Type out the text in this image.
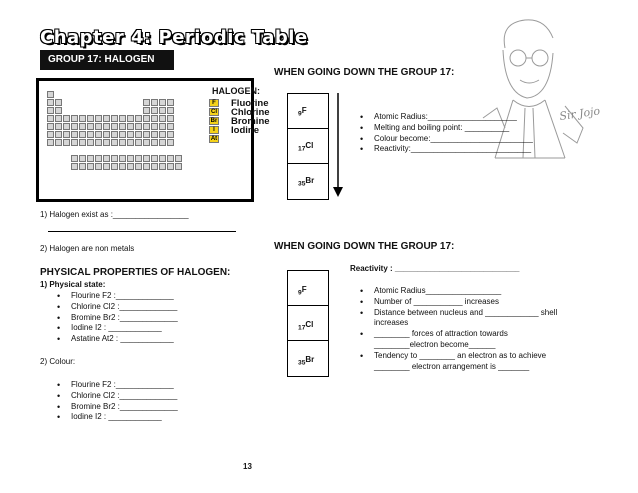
Chapter 4: Periodic Table
GROUP 17: HALOGEN
Sir Jojo
F
Cl
Br
I
At
Fluorine
Chlorine
Bromine
Iodine
HALOGEN:
1) Halogen exist as :_________________
2) Halogen are non metals
PHYSICAL PROPERTIES OF HALOGEN:
1) Physical state:
• Flourine F2 :_____________
• Chlorine Cl2 :_____________
• Bromine Br2 :_____________
• Iodine I2 : ____________
• Astatine At2 : ____________
2) Colour:
• Flourine F2 :_____________
• Chlorine Cl2 :_____________
• Bromine Br2 :_____________
• Iodine I2 : ____________
WHEN GOING DOWN THE GROUP 17:
$_9$F
$_{17}$Cl
$_{35}$Br
• Atomic Radius:____________________
• Melting and boiling point: __________
• Colour become:_______________________
• Reactivity:___________________________
WHEN GOING DOWN THE GROUP 17:
Reactivity : ____________________________
$_9$F
$_{17}$Cl
$_{35}$Br
• Atomic Radius_________________
• Number of ___________ increases
• Distance between nucleus and ____________ shell
increases
• ________ forces of attraction towards
________electron become______
• Tendency to ________ an electron as to achieve
________ electron arrangement is _______
13
